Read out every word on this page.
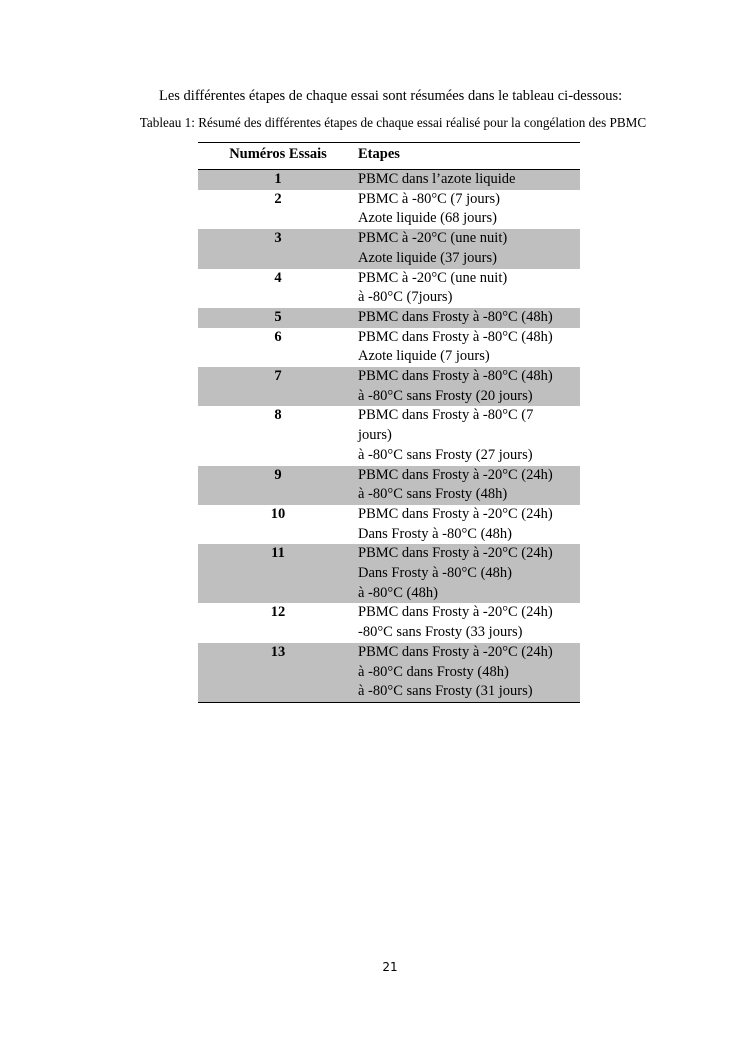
Les différentes étapes de chaque essai sont résumées dans le tableau ci-dessous:
Tableau 1: Résumé des différentes étapes de chaque essai réalisé pour la congélation des PBMC
Numéros Essais	Etapes
1	PBMC dans l’azote liquide
2	PBMC à -80°C (7 jours)
Azote liquide (68 jours)
3	PBMC à -20°C (une nuit)
Azote liquide (37 jours)
4	PBMC à -20°C (une nuit)
à -80°C (7jours)
5	PBMC dans Frosty à -80°C (48h)
6	PBMC dans Frosty à -80°C (48h)
Azote liquide (7 jours)
7	PBMC dans Frosty à -80°C (48h)
à -80°C sans Frosty (20 jours)
8	PBMC dans Frosty à -80°C (7
jours)
à -80°C sans Frosty (27 jours)
9	PBMC dans Frosty à -20°C (24h)
à -80°C sans Frosty (48h)
10	PBMC dans Frosty à -20°C (24h)
Dans Frosty à -80°C (48h)
11	PBMC dans Frosty à -20°C (24h)
Dans Frosty à -80°C (48h)
à -80°C (48h)
12	PBMC dans Frosty à -20°C (24h)
-80°C sans Frosty (33 jours)
13	PBMC dans Frosty à -20°C (24h)
à -80°C dans Frosty (48h)
à -80°C sans Frosty (31 jours)
21
